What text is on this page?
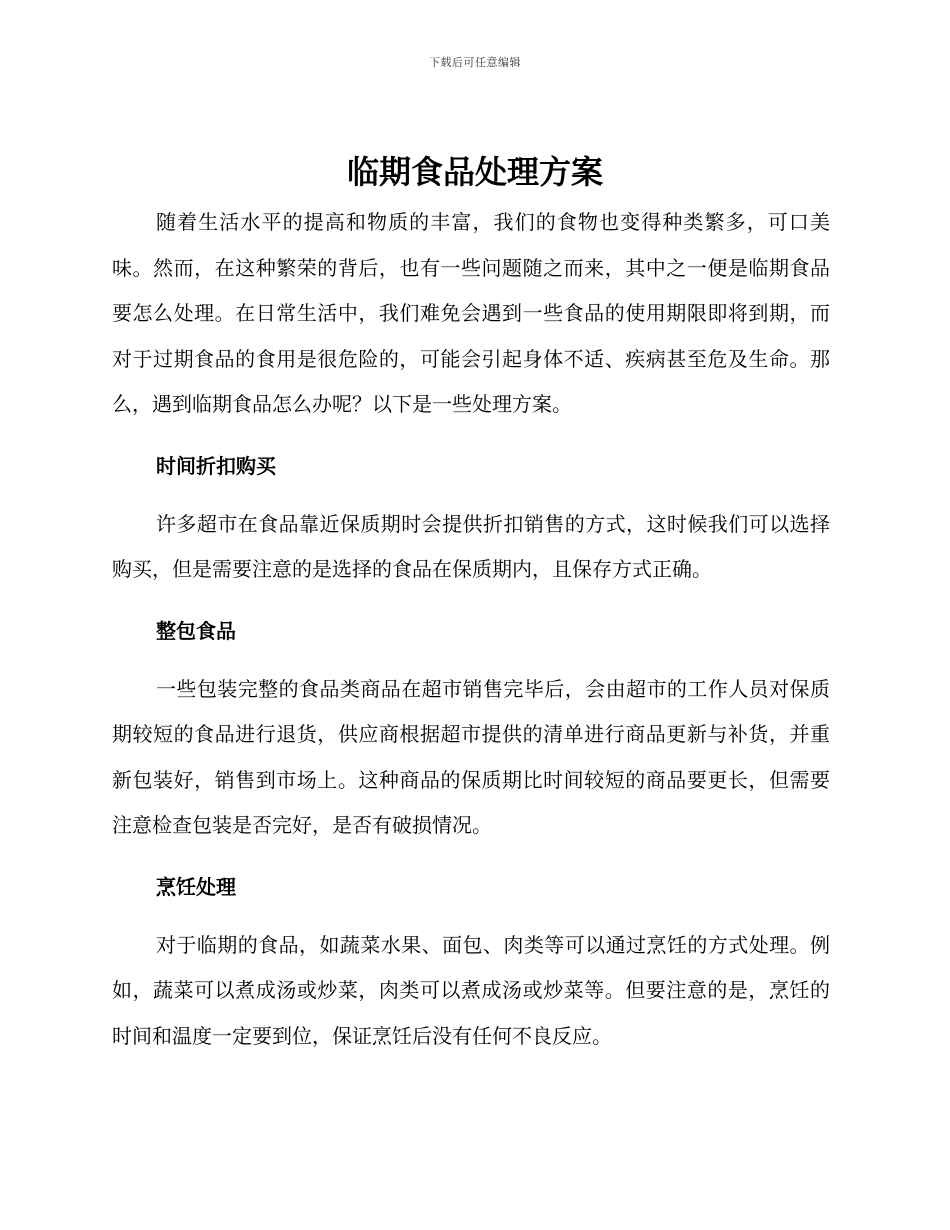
下载后可任意编辑
临期食品处理方案

随着生活水平的提高和物质的丰富，我们的食物也变得种类繁多，可口美味。然而，在这种繁荣的背后，也有一些问题随之而来，其中之一便是临期食品要怎么处理。在日常生活中，我们难免会遇到一些食品的使用期限即将到期，而对于过期食品的食用是很危险的，可能会引起身体不适、疾病甚至危及生命。那么，遇到临期食品怎么办呢？以下是一些处理方案。

时间折扣购买

许多超市在食品靠近保质期时会提供折扣销售的方式，这时候我们可以选择购买，但是需要注意的是选择的食品在保质期内，且保存方式正确。

整包食品

一些包装完整的食品类商品在超市销售完毕后，会由超市的工作人员对保质期较短的食品进行退货，供应商根据超市提供的清单进行商品更新与补货，并重新包装好，销售到市场上。这种商品的保质期比时间较短的商品要更长，但需要注意检查包装是否完好，是否有破损情况。

烹饪处理

对于临期的食品，如蔬菜水果、面包、肉类等可以通过烹饪的方式处理。例如，蔬菜可以煮成汤或炒菜，肉类可以煮成汤或炒菜等。但要注意的是，烹饪的时间和温度一定要到位，保证烹饪后没有任何不良反应。
